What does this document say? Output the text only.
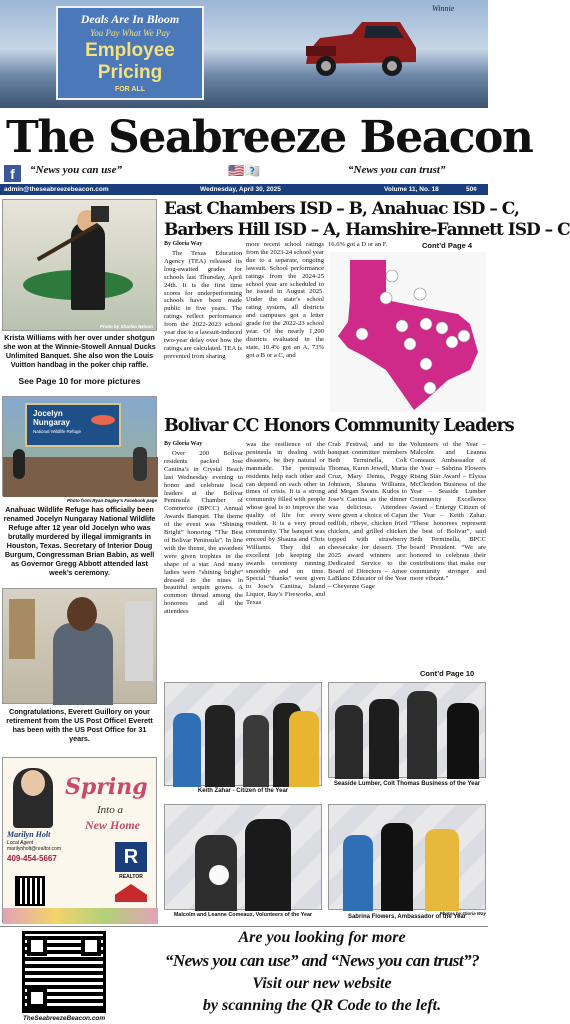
Deals Are In Bloom
You Pay What We Pay
Employee
Pricing
FOR ALL
Winnie
The Seabreeze Beacon
f	“News you can use”	🇺🇸🇹🇽	“News you can trust”
admin@theseabreezebeacon.com	Wednesday, April 30, 2025	Volume 11, No. 18	50¢
Photo by Sharlea Nelson
Krista Williams with her over under shotgun she won at the Winnie-Stowell Annual Ducks Unlimited Banquet. She also won the Louis Vuitton handbag in the poker chip raffle.
See Page 10 for more pictures
Jocelyn
Nungaray
National Wildlife Refuge
Photo from Ryan Dagley’s Facebook page
Anahuac Wildlife Refuge has officially been renamed Jocelyn Nungaray National Wildlife Refuge after 12 year old Jocelyn who was brutally murdered by illegal immigrants in Houston, Texas. Secretary of Interior Doug Burgum, Congressman Brian Babin, as well as Governor Gregg Abbott attended last week’s ceremony.
Congratulations, Everett Guillory on your retirement from the US Post Office! Everett has been with the US Post Office for 31 years.
Spring
Into a
New Home
Marilyn Holt
Local Agent
marilynholt@realtor.com
409-454-5667	R
REALTOR
East Chambers ISD – B, Anahuac ISD – C,
Barbers Hill ISD – A, Hamshire-Fannett ISD – C
By Gloria Way
The Texas Education Agency (TEA) released its long-awaited grades for schools last Thursday, April 24th. It is the first time scores for underperforming schools have been made public in five years. The ratings reflect performance from the 2022-2023 school year due to a lawsuit-induced two-year delay over how the ratings are calculated. TEA is prevented from sharing
more recent school ratings from the 2023-24 school year due to a separate, ongoing lawsuit. School performance ratings from the 2024-25 school year are scheduled to be issued in August 2025. Under the state’s school rating system, all districts and campuses got a letter grade for the 2022-23 school year. Of the nearly 1,200 districts evaluated in the state, 10.4% got an A, 73% got a B or a C, and
16.6% got a D or an F.	Cont’d Page 4
Bolivar CC Honors Community Leaders
By Gloria Way
Over 200 Bolivar residents packed Jose Cantina’s in Crystal Beach last Wednesday evening to honor and celebrate local leaders at the Bolivar Peninsula Chamber of Commerce (BPCC) Annual Awards Banquet. The theme of the event was “Shining Bright” honoring “The Best of Bolivar Peninsula”. In line with the theme, the awardees were given trophies in the shape of a star. And many ladies were “shining bright” dressed to the nines in beautiful sequin gowns. A common thread among the honorees and all the attendees
was the resilience of the peninsula in dealing with disasters, be they natural or manmade. The peninsula residents help each other and can depend on each other in times of crisis. It is a strong community filled with people whose goal is to improve the quality of life for every resident. It is a very proud community. The banquet was emceed by Shauna and Chris Williams. They did an excellent job keeping the awards ceremony running smoothly and on time. Special “thanks” were given to Jose’s Cantina, Island Liquor, Ray’s Fireworks, and Texas
Crab Festival, and to the banquet committee members Beth Terminella, Colt Thomas, Karen Jewell, Maria Cruz, Mary Denus, Peggy Johnson, Shauna Williams, and Megan Swain. Kudos to Jose’s Cantina as the dinner was delicious. Attendees were given a choice of Cajun redfish, ribeye, chicken fried chicken, and grilled chicken topped with strawberry cheesecake for dessert. The 2025 award winners are: Dedicated Service to the Board of Directors – Amee LaBlanc Educator of the Year – Cheyenne Gage
Volunteers of the Year – Malcolm and Leanna Comeaux Ambassador of the Year – Sabrina Flowers Rising Star Award – Elyssa McClendon Business of the Year – Seaside Lumber Community Excellence Award – Entergy Citizen of the Year – Keith Zahar. “These honorees represent the best of Bolivar”, said Beth Terminella, BPCC board President. “We are honored to celebrate their contributions that make our community stronger and more vibrant.”
Cont’d Page 10
Keith Zahar - Citizen of the Year
Seaside Lumber, Colt Thomas Business of the Year
Malcolm and Leanne Comeaux, Volunteers of the Year	Photos by Gloria Way
Sabrina Flowers, Ambassador of the Year
TheSeabreezeBeacon.com
Are you looking for more
“News you can use” and “News you can trust”?
Visit our new website
by scanning the QR Code to the left.
